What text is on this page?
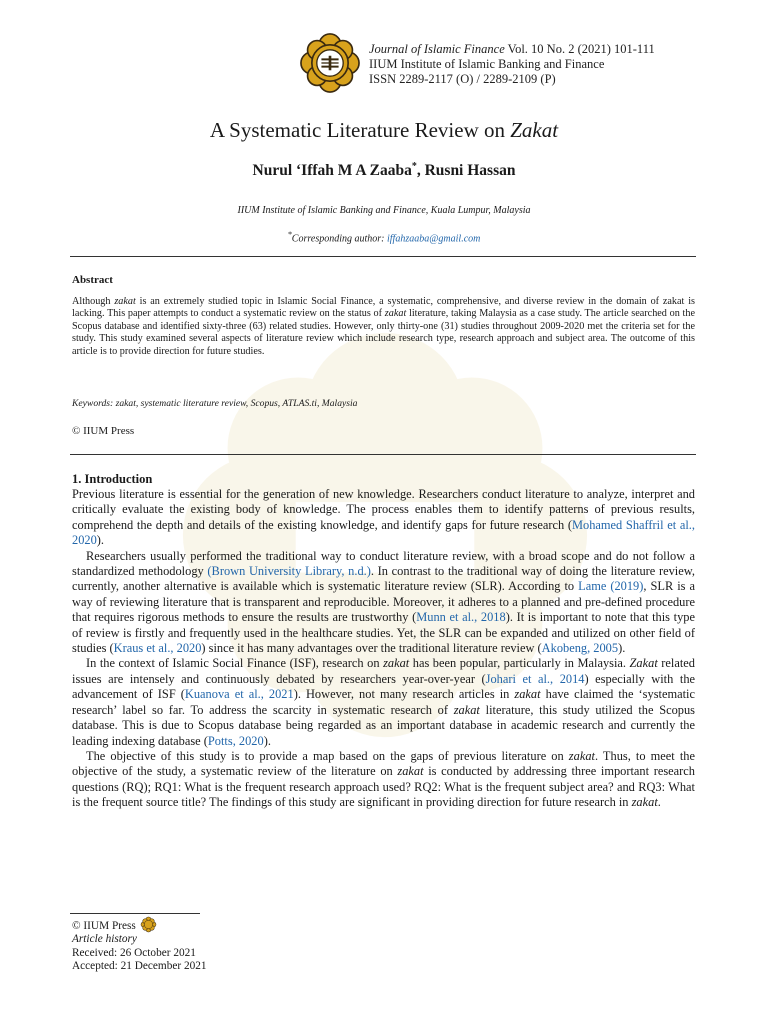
Journal of Islamic Finance Vol. 10 No. 2 (2021) 101-111
IIUM Institute of Islamic Banking and Finance
ISSN 2289-2117 (O) / 2289-2109 (P)
A Systematic Literature Review on Zakat
Nurul ‘Iffah M A Zaaba*, Rusni Hassan
IIUM Institute of Islamic Banking and Finance, Kuala Lumpur, Malaysia
*Corresponding author: iffahzaaba@gmail.com
Abstract
Although zakat is an extremely studied topic in Islamic Social Finance, a systematic, comprehensive, and diverse review in the domain of zakat is lacking. This paper attempts to conduct a systematic review on the status of zakat literature, taking Malaysia as a case study. The article searched on the Scopus database and identified sixty-three (63) related studies. However, only thirty-one (31) studies throughout 2009-2020 met the criteria set for the study. This study examined several aspects of literature review which include research type, research approach and subject area. The outcome of this article is to provide direction for future studies.
Keywords: zakat, systematic literature review, Scopus, ATLAS.ti, Malaysia
© IIUM Press
1. Introduction

Previous literature is essential for the generation of new knowledge. Researchers conduct literature to analyze, interpret and critically evaluate the existing body of knowledge. The process enables them to identify patterns of previous results, comprehend the depth and details of the existing knowledge, and identify gaps for future research (Mohamed Shaffril et al., 2020).

Researchers usually performed the traditional way to conduct literature review, with a broad scope and do not follow a standardized methodology (Brown University Library, n.d.). In contrast to the traditional way of doing the literature review, currently, another alternative is available which is systematic literature review (SLR). According to Lame (2019), SLR is a way of reviewing literature that is transparent and reproducible. Moreover, it adheres to a planned and pre-defined procedure that requires rigorous methods to ensure the results are trustworthy (Munn et al., 2018). It is important to note that this type of review is firstly and frequently used in the healthcare studies. Yet, the SLR can be expanded and utilized on other field of studies (Kraus et al., 2020) since it has many advantages over the traditional literature review (Akobeng, 2005).

In the context of Islamic Social Finance (ISF), research on zakat has been popular, particularly in Malaysia. Zakat related issues are intensely and continuously debated by researchers year-over-year (Johari et al., 2014) especially with the advancement of ISF (Kuanova et al., 2021). However, not many research articles in zakat have claimed the ‘systematic research’ label so far. To address the scarcity in systematic research of zakat literature, this study utilized the Scopus database. This is due to Scopus database being regarded as an important database in academic research and currently the leading indexing database (Potts, 2020).

The objective of this study is to provide a map based on the gaps of previous literature on zakat. Thus, to meet the objective of the study, a systematic review of the literature on zakat is conducted by addressing three important research questions (RQ); RQ1: What is the frequent research approach used? RQ2: What is the frequent subject area? and RQ3: What is the frequent source title? The findings of this study are significant in providing direction for future research in zakat.

© IIUM Press
Article history
Received: 26 October 2021
Accepted: 21 December 2021
